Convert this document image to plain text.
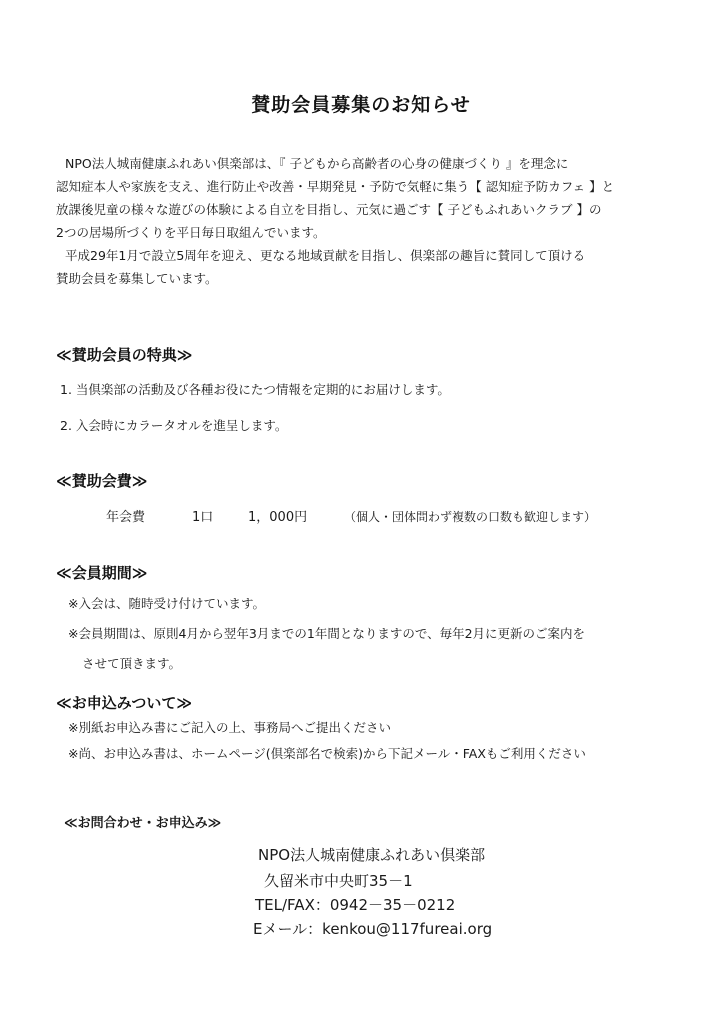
賛助会員募集のお知らせ
NPO法人城南健康ふれあい倶楽部は、『 子どもから高齢者の心身の健康づくり 』を理念に
認知症本人や家族を支え、進行防止や改善・早期発見・予防で気軽に集う【 認知症予防カフェ 】と
放課後児童の様々な遊びの体験による自立を目指し、元気に過ごす【 子どもふれあいクラブ 】の
2つの居場所づくりを平日毎日取組んでいます。
平成29年1月で設立5周年を迎え、更なる地域貢献を目指し、倶楽部の趣旨に賛同して頂ける
賛助会員を募集しています。
≪賛助会員の特典≫
1. 当倶楽部の活動及び各種お役にたつ情報を定期的にお届けします。
2. 入会時にカラータオルを進呈します。
≪賛助会費≫
年会費	1口	1，000円	（個人・団体問わず複数の口数も歓迎します）
≪会員期間≫
※入会は、随時受け付けています。
※会員期間は、原則4月から翌年3月までの1年間となりますので、毎年2月に更新のご案内を
させて頂きます。
≪お申込みついて≫
※別紙お申込み書にご記入の上、事務局へご提出ください
※尚、お申込み書は、ホームページ(倶楽部名で検索)から下記メール・FAXもご利用ください
≪お問合わせ・お申込み≫
NPO法人城南健康ふれあい倶楽部
久留米市中央町35－1
TEL/FAX：0942－35－0212
Eメール：kenkou@117fureai.org
